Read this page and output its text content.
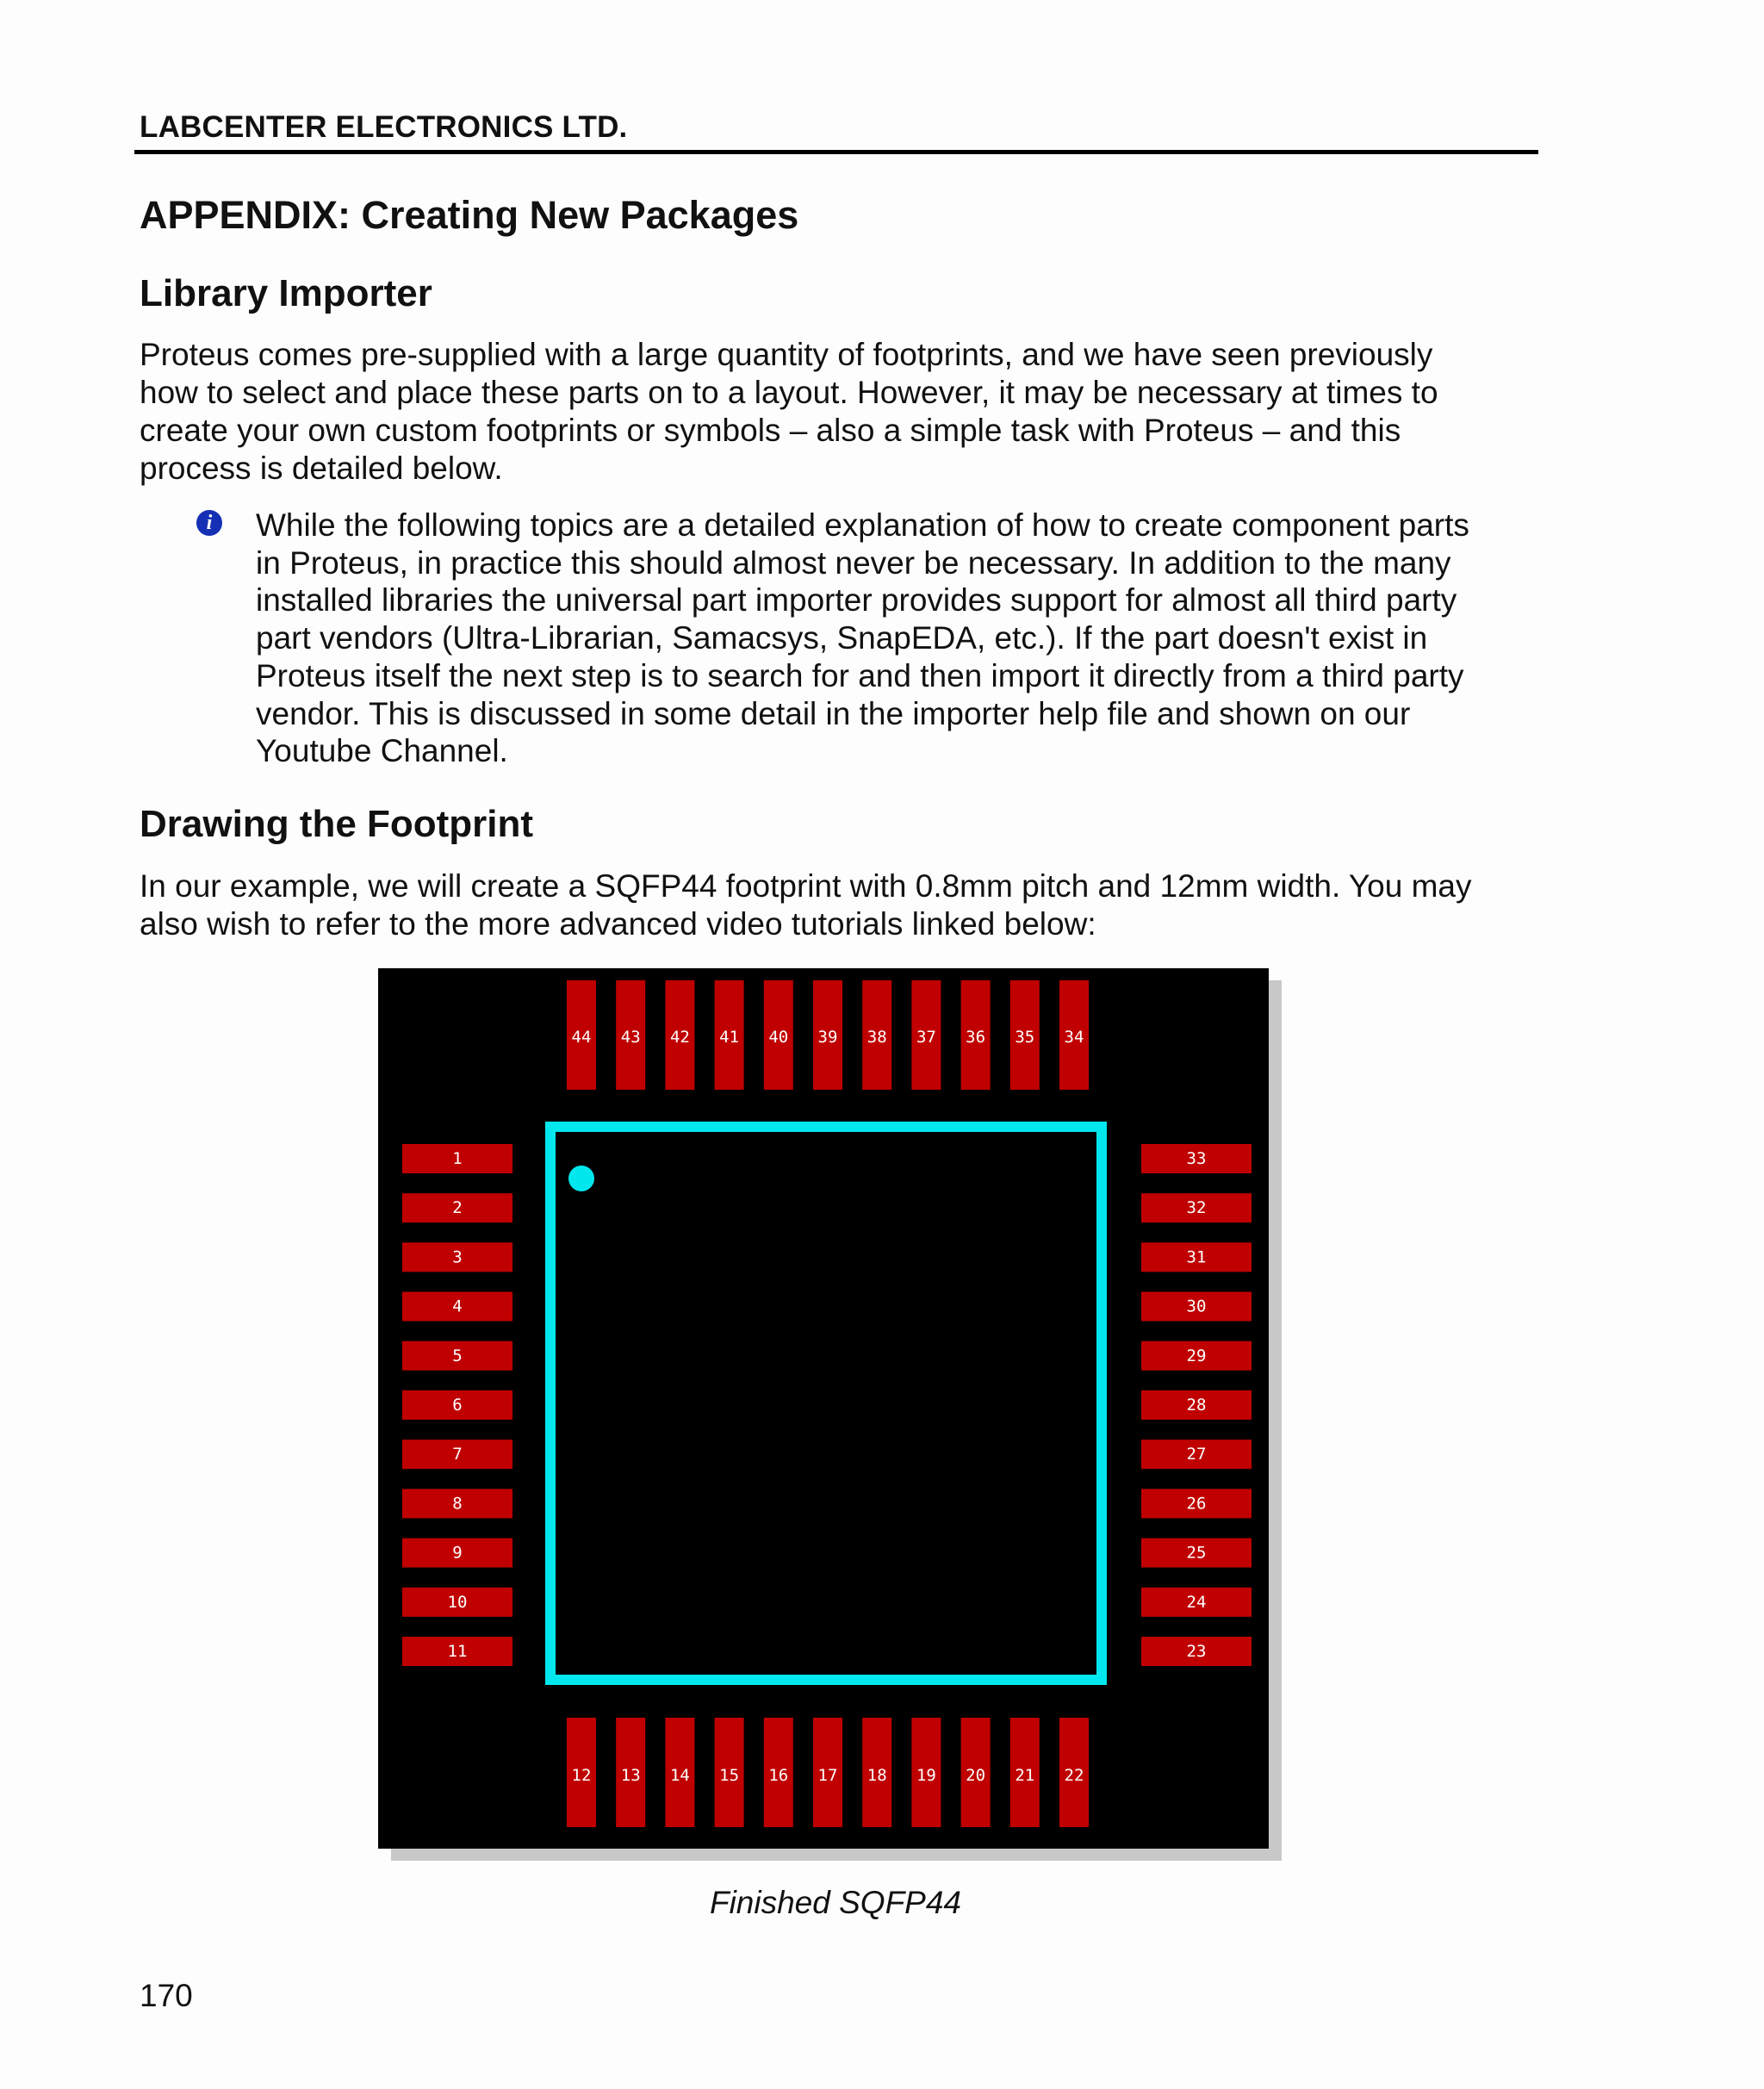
LABCENTER ELECTRONICS LTD.
APPENDIX: Creating New Packages
Library Importer

Proteus comes pre-supplied with a large quantity of footprints, and we have seen previously
how to select and place these parts on to a layout. However, it may be necessary at times to
create your own custom footprints or symbols – also a simple task with Proteus – and this
process is detailed below.

i	While the following topics are a detailed explanation of how to create component parts
in Proteus, in practice this should almost never be necessary. In addition to the many
installed libraries the universal part importer provides support for almost all third party
part vendors (Ultra-Librarian, Samacsys, SnapEDA, etc.). If the part doesn't exist in
Proteus itself the next step is to search for and then import it directly from a third party
vendor. This is discussed in some detail in the importer help file and shown on our
Youtube Channel.

Drawing the Footprint

In our example, we will create a SQFP44 footprint with 0.8mm pitch and 12mm width. You may
also wish to refer to the more advanced video tutorials linked below:

44 43 42 41 40 39 38 37 36 35 34
12 13 14 15 16 17 18 19 20 21 22
1
2
3
4
5
6
7
8
9
10
11
33
32
31
30
29
28
27
26
25
24
23
Finished SQFP44
170
